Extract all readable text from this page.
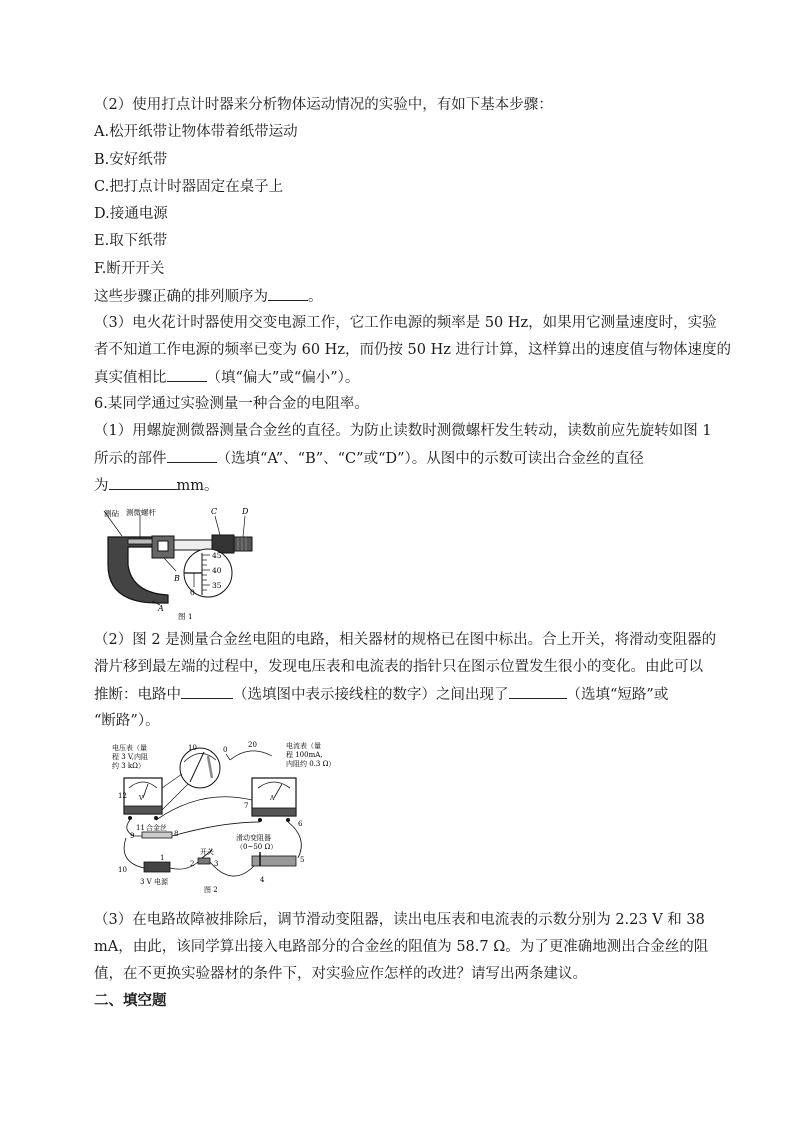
（2）使用打点计时器来分析物体运动情况的实验中，有如下基本步骤：
A.松开纸带让物体带着纸带运动
B.安好纸带
C.把打点计时器固定在桌子上
D.接通电源
E.取下纸带
F.断开开关
这些步骤正确的排列顺序为	。
（3）电火花计时器使用交变电源工作，它工作电源的频率是 50 Hz，如果用它测量速度时，实验
者不知道工作电源的频率已变为 60 Hz，而仍按 50 Hz 进行计算，这样算出的速度值与物体速度的
真实值相比	（填“偏大”或“偏小”）。
6.某同学通过实验测量一种合金的电阻率。
（1）用螺旋测微器测量合金丝的直径。为防止读数时测微螺杆发生转动，读数前应先旋转如图 1
所示的部件	（选填“A”、“B”、“C”或“D”）。从图中的示数可读出合金丝的直径
为	mm。
测砧 测微螺杆	C	D
B
A
45
40
35
0
图 1
（2）图 2 是测量合金丝电阻的电路，相关器材的规格已在图中标出。合上开关，将滑动变阻器的
滑片移到最左端的过程中，发现电压表和电流表的指针只在图示位置发生很小的变化。由此可以
推断：电路中	（选填图中表示接线柱的数字）之间出现了	（选填“短路”或
“断路”）。
V
10	0
20
A
电压表（量
程 3 V,内阻
约 3 kΩ）
电流表（量
程 100mA,
内阻约 0.3 Ω）
合金丝
滑动变阻器
（0~50 Ω）
开关
3 V 电源
图 2
12
11
9	8
7
6
5
4
3
2
1
10
（3）在电路故障被排除后，调节滑动变阻器，读出电压表和电流表的示数分别为 2.23 V 和 38
mA，由此，该同学算出接入电路部分的合金丝的阻值为 58.7 Ω。为了更准确地测出合金丝的阻
值，在不更换实验器材的条件下，对实验应作怎样的改进？请写出两条建议。
二、填空题
